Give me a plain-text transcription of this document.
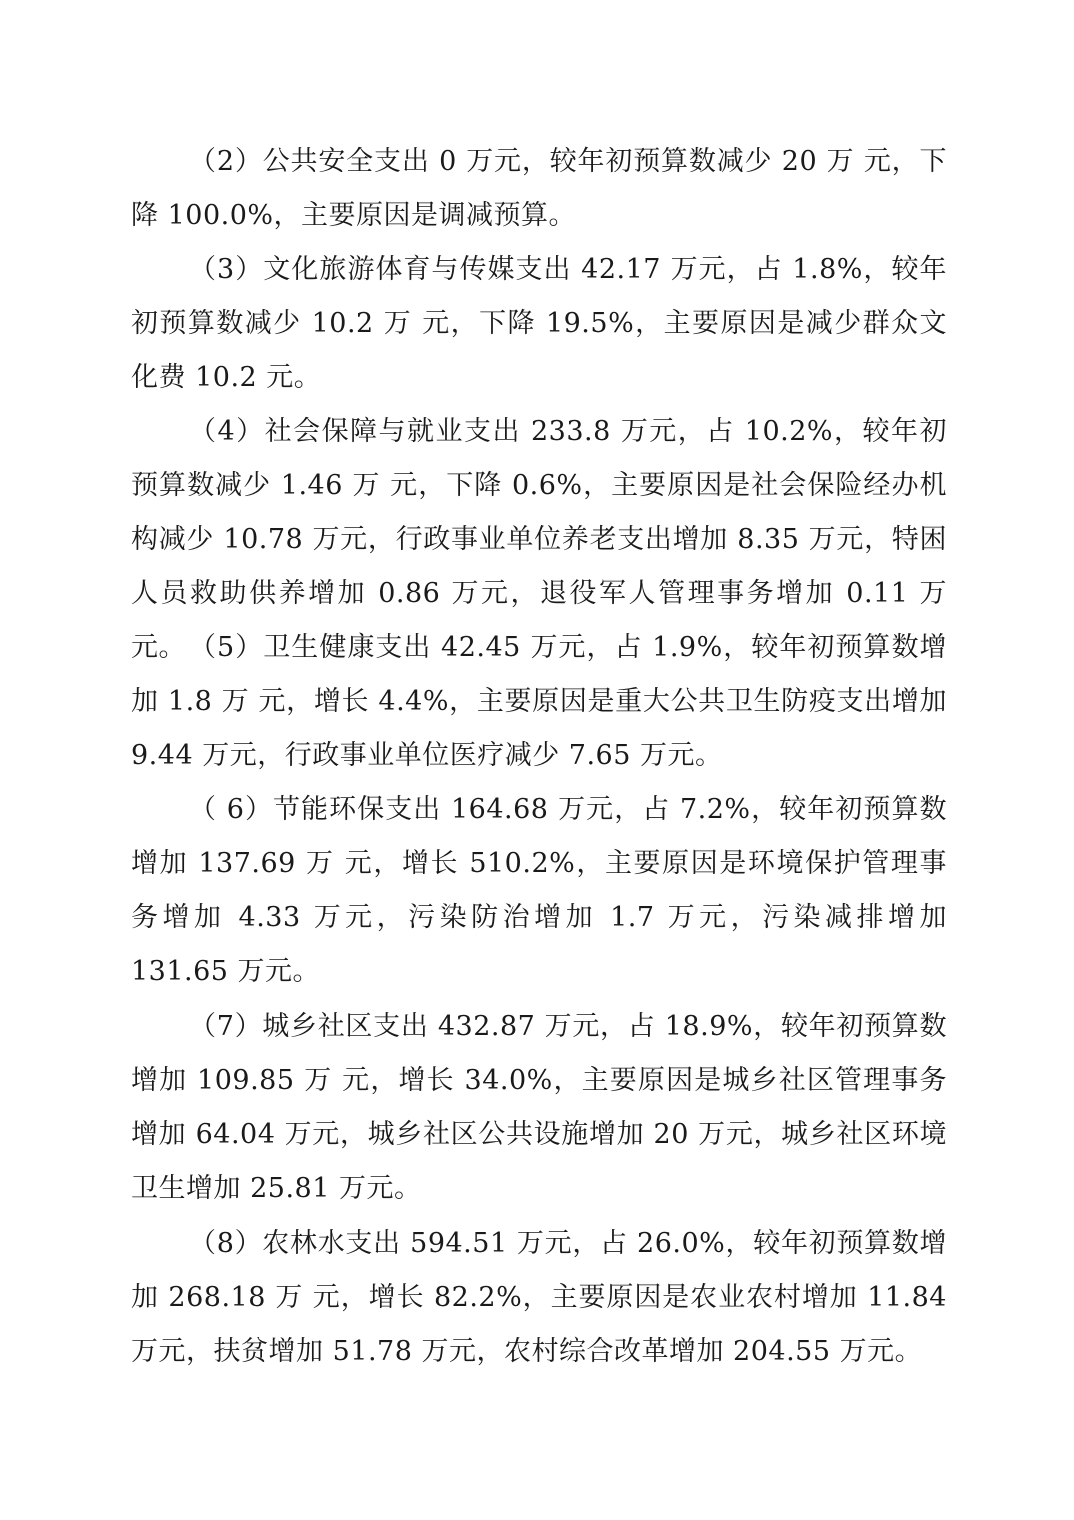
（2）公共安全支出 0 万元，较年初预算数减少 20 万 元，下降 100.0%，主要原因是调减预算。

（3）文化旅游体育与传媒支出 42.17 万元，占 1.8%，较年初预算数减少 10.2 万 元，下降 19.5%，主要原因是减少群众文化费 10.2 元。

（4）社会保障与就业支出 233.8 万元，占 10.2%，较年初预算数减少 1.46 万 元，下降 0.6%，主要原因是社会保险经办机构减少 10.78 万元，行政事业单位养老支出增加 8.35 万元，特困人员救助供养增加 0.86 万元，退役军人管理事务增加 0.11 万元。 （5）卫生健康支出 42.45 万元，占 1.9%，较年初预算数增加 1.8 万 元，增长 4.4%，主要原因是重大公共卫生防疫支出增加 9.44 万元，行政事业单位医疗减少 7.65 万元。

（ 6）节能环保支出 164.68 万元，占 7.2%，较年初预算数增加 137.69 万 元，增长 510.2%，主要原因是环境保护管理事务增加 4.33 万元，污染防治增加 1.7 万元，污染减排增加 131.65 万元。

（7）城乡社区支出 432.87 万元，占 18.9%，较年初预算数增加 109.85 万 元，增长 34.0%，主要原因是城乡社区管理事务增加 64.04 万元，城乡社区公共设施增加 20 万元，城乡社区环境卫生增加 25.81 万元。

（8）农林水支出 594.51 万元，占 26.0%，较年初预算数增加 268.18 万 元，增长 82.2%，主要原因是农业农村增加 11.84 万元，扶贫增加 51.78 万元，农村综合改革增加 204.55 万元。
